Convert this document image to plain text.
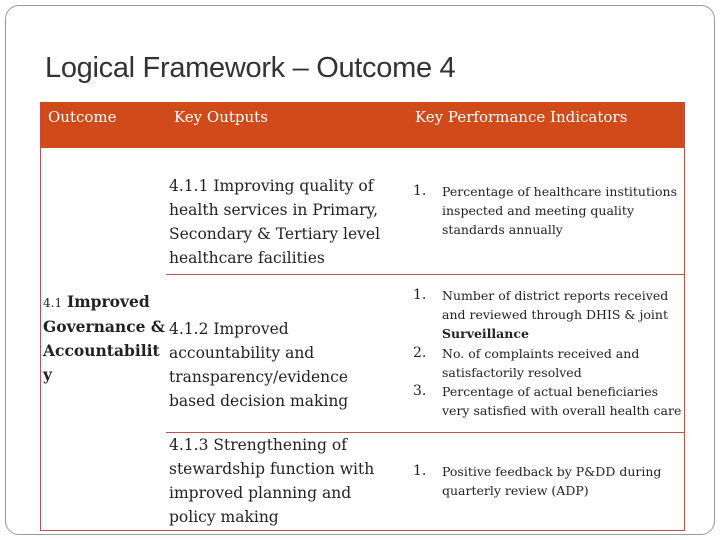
Logical Framework – Outcome 4
Outcome	Key Outputs	Key Performance Indicators
4.1 Improved Governance & Accountability
4.1.1 Improving quality of health services in Primary, Secondary & Tertiary level healthcare facilities
4.1.2 Improved accountability and transparency/evidence based decision making
4.1.3 Strengthening of stewardship function with improved planning and policy making
1. Percentage of healthcare institutions inspected and meeting quality standards annually
1. Number of district reports received and reviewed through DHIS & joint
Surveillance
2. No. of complaints received and satisfactorily resolved
3. Percentage of actual beneficiaries very satisfied with overall health care
1. Positive feedback by P&DD during quarterly review (ADP)
